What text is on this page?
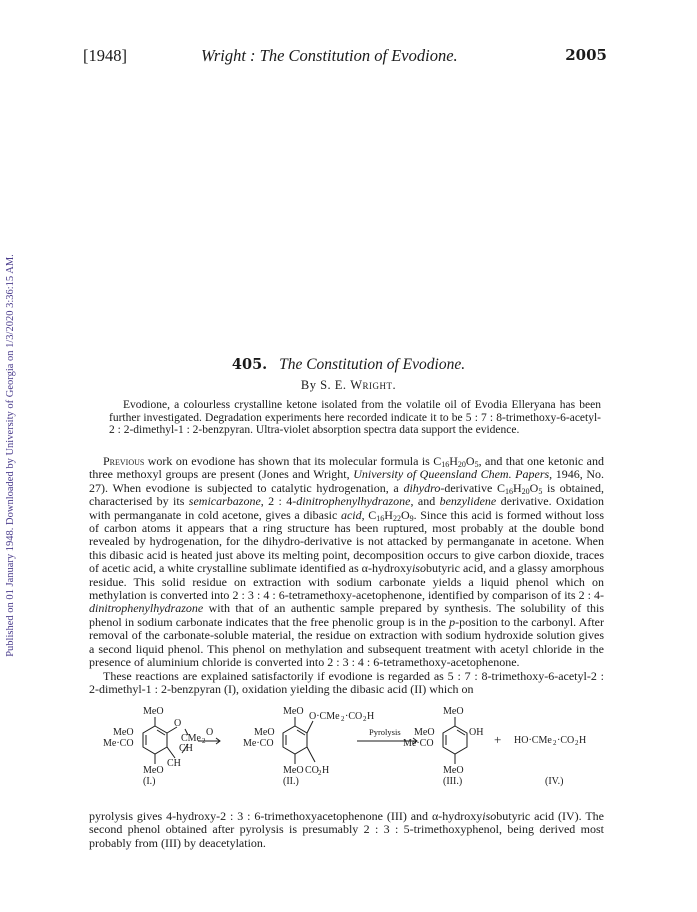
Published on 01 January 1948. Downloaded by University of Georgia on 1/3/2020 3:36:15 AM.
[1948]	Wright : The Constitution of Evodione.	2005
405. The Constitution of Evodione.
By S. E. Wright.
Evodione, a colourless crystalline ketone isolated from the volatile oil of Evodia Elleryana has been further investigated. Degradation experiments here recorded indicate it to be 5 : 7 : 8-trimethoxy-6-acetyl-2 : 2-dimethyl-1 : 2-benzpyran. Ultra-violet absorption spectra data support the evidence.

Previous work on evodione has shown that its molecular formula is $C_{16}H_{20}O_5$, and that one ketonic and three methoxyl groups are present (Jones and Wright, University of Queensland Chem. Papers, 1946, No. 27). When evodione is subjected to catalytic hydrogenation, a dihydro-derivative $C_{16}H_{20}O_5$ is obtained, characterised by its semicarbazone, 2 : 4-dinitrophenylhydrazone, and benzylidene derivative. Oxidation with permanganate in cold acetone, gives a dibasic acid, $C_{16}H_{22}O_9$. Since this acid is formed without loss of carbon atoms it appears that a ring structure has been ruptured, most probably at the double bond revealed by hydrogenation, for the dihydro-derivative is not attacked by permanganate in acetone. When this dibasic acid is heated just above its melting point, decomposition occurs to give carbon dioxide, traces of acetic acid, a white crystalline sublimate identified as α-hydroxyisobutyric acid, and a glassy amorphous residue. This solid residue on extraction with sodium carbonate yields a liquid phenol which on methylation is converted into 2 : 3 : 4 : 6-tetramethoxy-acetophenone, identified by comparison of its 2 : 4-dinitrophenylhydrazone with that of an authentic sample prepared by synthesis. The solubility of this phenol in sodium carbonate indicates that the free phenolic group is in the p-position to the carbonyl. After removal of the carbonate-soluble material, the residue on extraction with sodium hydroxide solution gives a second liquid phenol. This phenol on methylation and subsequent treatment with acetyl chloride in the presence of aluminium chloride is converted into 2 : 3 : 4 : 6-tetramethoxy-acetophenone.

These reactions are explained satisfactorily if evodione is regarded as 5 : 7 : 8-trimethoxy-6-acetyl-2 : 2-dimethyl-1 : 2-benzpyran (I), oxidation yielding the dibasic acid (II) which on

MeO
MeO
Me·CO
MeO
O
CMe 2
CH
CH
O
(I.)
MeO
MeO
Me·CO
MeO
O·CMe 2 ·CO 2 H
CO 2 H
(II.)
Pyrolysis
MeO
MeO
Me·CO
MeO
OH
(III.)
+ HO·CMe 2 ·CO 2 H
(IV.)

pyrolysis gives 4-hydroxy-2 : 3 : 6-trimethoxyacetophenone (III) and α-hydroxyisobutyric acid (IV). The second phenol obtained after pyrolysis is presumably 2 : 3 : 5-trimethoxyphenol, being derived most probably from (III) by deacetylation.
